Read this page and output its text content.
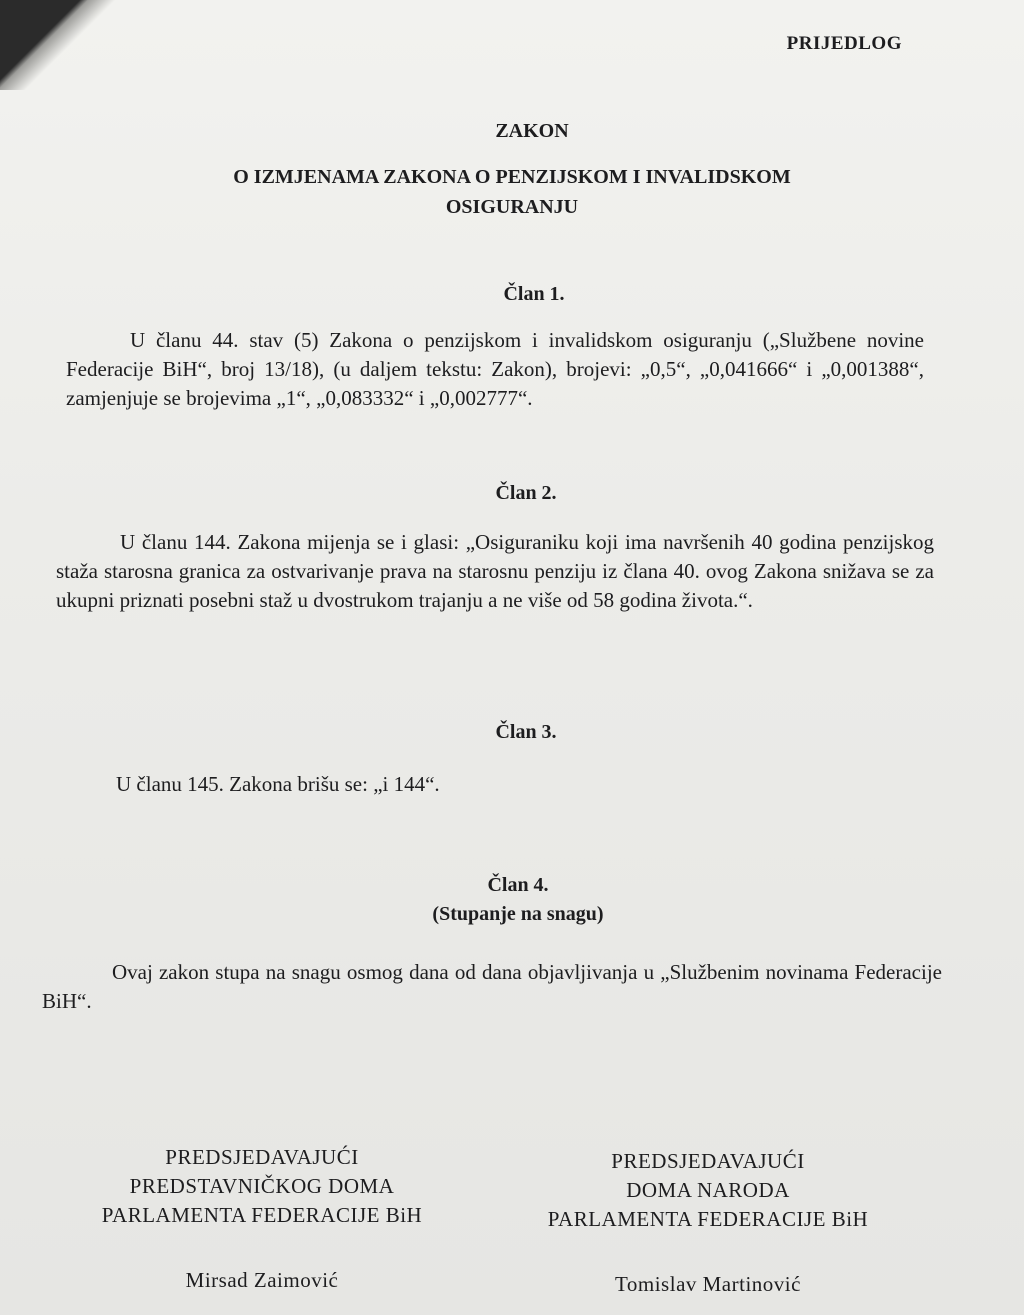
PRIJEDLOG
ZAKON
O IZMJENAMA ZAKONA O PENZIJSKOM I INVALIDSKOM
OSIGURANJU
Član 1.

U članu 44. stav (5) Zakona o penzijskom i invalidskom osiguranju („Službene novine Federacije BiH“, broj 13/18), (u daljem tekstu: Zakon), brojevi: „0,5“, „0,041666“ i „0,001388“, zamjenjuje se brojevima „1“, „0,083332“ i „0,002777“.

Član 2.

U članu 144. Zakona mijenja se i glasi: „Osiguraniku koji ima navršenih 40 godina penzijskog staža starosna granica za ostvarivanje prava na starosnu penziju iz člana 40. ovog Zakona snižava se za ukupni priznati posebni staž u dvostrukom trajanju a ne više od 58 godina života.“.

Član 3.

U članu 145. Zakona brišu se: „i 144“.

Član 4.
(Stupanje na snagu)

Ovaj zakon stupa na snagu osmog dana od dana objavljivanja u „Službenim novinama Federacije BiH“.

PREDSJEDAVAJUĆI
PREDSTAVNIČKOG DOMA
PARLAMENTA FEDERACIJE BiH
Mirsad Zaimović
PREDSJEDAVAJUĆI
DOMA NARODA
PARLAMENTA FEDERACIJE BiH
Tomislav Martinović
